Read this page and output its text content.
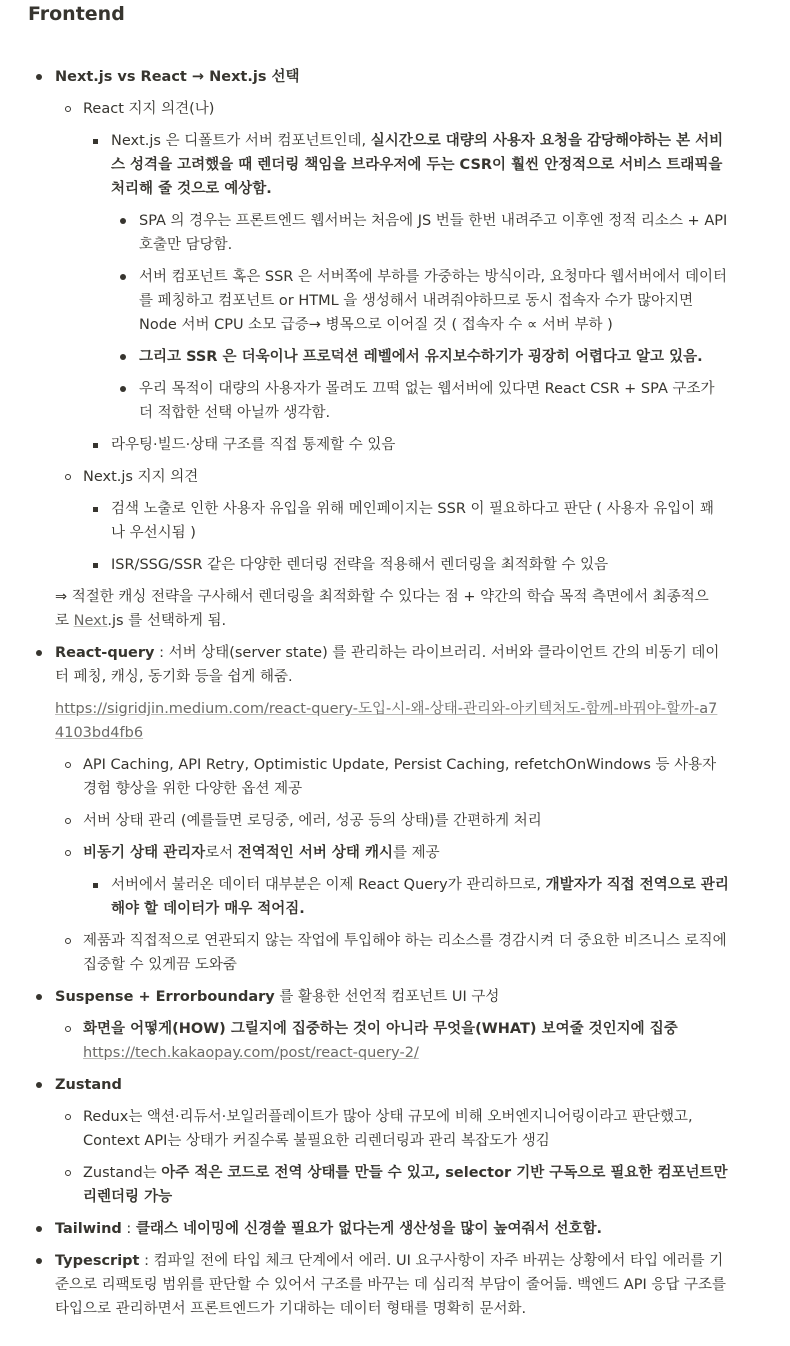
Frontend
Next.js vs React → Next.js 선택
React 지지 의견(나)
Next.js 은 디폴트가 서버 컴포넌트인데, 실시간으로 대량의 사용자 요청을 감당해야하는 본 서비스 성격을 고려했을 때 렌더링 책임을 브라우저에 두는 CSR이 훨씬 안정적으로 서비스 트래픽을 처리해 줄 것으로 예상함.
SPA 의 경우는 프론트엔드 웹서버는 처음에 JS 번들 한번 내려주고 이후엔 정적 리소스 + API 호출만 담당함.
서버 컴포넌트 혹은 SSR 은 서버쪽에 부하를 가중하는 방식이라, 요청마다 웹서버에서 데이터를 페칭하고 컴포넌트 or HTML 을 생성해서 내려줘야하므로 동시 접속자 수가 많아지면 Node 서버 CPU 소모 급증→ 병목으로 이어질 것 ( 접속자 수 ∝ 서버 부하 )
그리고 SSR 은 더욱이나 프로덕션 레벨에서 유지보수하기가 굉장히 어렵다고 알고 있음.
우리 목적이 대량의 사용자가 몰려도 끄떡 없는 웹서버에 있다면 React CSR + SPA 구조가 더 적합한 선택 아닐까 생각함.
라우팅·빌드·상태 구조를 직접 통제할 수 있음
Next.js 지지 의견
검색 노출로 인한 사용자 유입을 위해 메인페이지는 SSR 이 필요하다고 판단 ( 사용자 유입이 꽤나 우선시됨 )
ISR/SSG/SSR 같은 다양한 렌더링 전략을 적용해서 렌더링을 최적화할 수 있음
⇒ 적절한 캐싱 전략을 구사해서 렌더링을 최적화할 수 있다는 점 + 약간의 학습 목적 측면에서 최종적으로 Next.js 를 선택하게 됨.
React-query : 서버 상태(server state) 를 관리하는 라이브러리. 서버와 클라이언트 간의 비동기 데이터 페칭, 캐싱, 동기화 등을 쉽게 해줌.
https://sigridjin.medium.com/react-query-도입-시-왜-상태-관리와-아키텍처도-함께-바꿔야-할까-a74103bd4fb6
API Caching, API Retry, Optimistic Update, Persist Caching, refetchOnWindows 등 사용자 경험 향상을 위한 다양한 옵션 제공
서버 상태 관리 (예를들면 로딩중, 에러, 성공 등의 상태)를 간편하게 처리
비동기 상태 관리자로서 전역적인 서버 상태 캐시를 제공
서버에서 불러온 데이터 대부분은 이제 React Query가 관리하므로, 개발자가 직접 전역으로 관리해야 할 데이터가 매우 적어짐.
제품과 직접적으로 연관되지 않는 작업에 투입해야 하는 리소스를 경감시켜 더 중요한 비즈니스 로직에 집중할 수 있게끔 도와줌
Suspense + Errorboundary 를 활용한 선언적 컴포넌트 UI 구성
화면을 어떻게(HOW) 그릴지에 집중하는 것이 아니라 무엇을(WHAT) 보여줄 것인지에 집중
https://tech.kakaopay.com/post/react-query-2/
Zustand
Redux는 액션·리듀서·보일러플레이트가 많아 상태 규모에 비해 오버엔지니어링이라고 판단했고, Context API는 상태가 커질수록 불필요한 리렌더링과 관리 복잡도가 생김
Zustand는 아주 적은 코드로 전역 상태를 만들 수 있고, selector 기반 구독으로 필요한 컴포넌트만 리렌더링 가능
Tailwind : 클래스 네이밍에 신경쓸 필요가 없다는게 생산성을 많이 높여줘서 선호함.
Typescript : 컴파일 전에 타입 체크 단계에서 에러. UI 요구사항이 자주 바뀌는 상황에서 타입 에러를 기준으로 리팩토링 범위를 판단할 수 있어서 구조를 바꾸는 데 심리적 부담이 줄어듦. 백엔드 API 응답 구조를 타입으로 관리하면서 프론트엔드가 기대하는 데이터 형태를 명확히 문서화.
